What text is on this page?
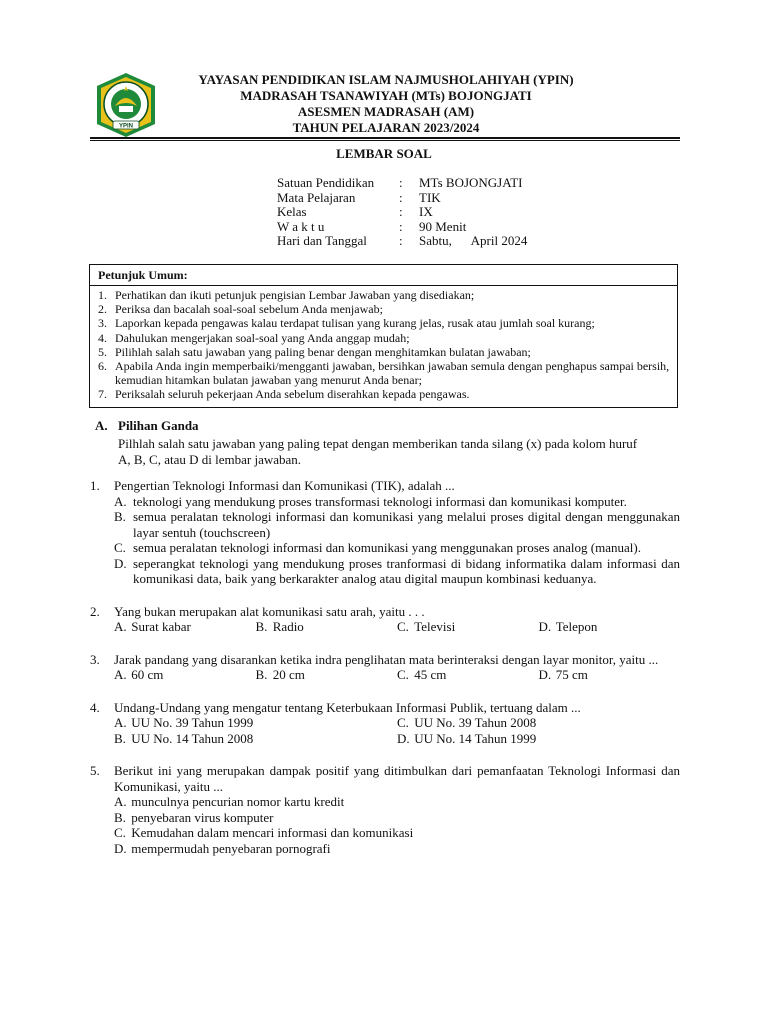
YPIN
YAYASAN PENDIDIKAN ISLAM NAJMUSHOLAHIYAH (YPIN)
MADRASAH TSANAWIYAH (MTs) BOJONGJATI
ASESMEN MADRASAH (AM)
TAHUN PELAJARAN 2023/2024
LEMBAR SOAL
Satuan Pendidikan	:	MTs BOJONGJATI
Mata Pelajaran	:	TIK
Kelas	:	IX
W a k t u	:	90 Menit
Hari dan Tanggal	:	Sabtu,      April 2024
Petunjuk Umum:
1. Perhatikan dan ikuti petunjuk pengisian Lembar Jawaban yang disediakan;
2. Periksa dan bacalah soal-soal sebelum Anda menjawab;
3. Laporkan kepada pengawas kalau terdapat tulisan yang kurang jelas, rusak atau jumlah soal kurang;
4. Dahulukan mengerjakan soal-soal yang Anda anggap mudah;
5. Pilihlah salah satu jawaban yang paling benar dengan menghitamkan bulatan jawaban;
6. Apabila Anda ingin memperbaiki/mengganti jawaban, bersihkan jawaban semula dengan penghapus sampai bersih, kemudian hitamkan bulatan jawaban yang menurut Anda benar;
7. Periksalah seluruh pekerjaan Anda sebelum diserahkan kepada pengawas.
A. Pilihan Ganda
Pilhlah salah satu jawaban yang paling tepat dengan memberikan tanda silang (x) pada kolom huruf A, B, C, atau D di lembar jawaban.
1.	Pengertian Teknologi Informasi dan Komunikasi (TIK), adalah ...
A. teknologi yang mendukung proses transformasi teknologi informasi dan komunikasi komputer.
B. semua peralatan teknologi informasi dan komunikasi yang melalui proses digital dengan menggunakan layar sentuh (touchscreen)
C. semua peralatan teknologi informasi dan komunikasi yang menggunakan proses analog (manual).
D. seperangkat teknologi yang mendukung proses tranformasi di bidang informatika dalam informasi dan komunikasi data, baik yang berkarakter analog atau digital maupun kombinasi keduanya.
2.	Yang bukan merupakan alat komunikasi satu arah, yaitu . . .
A.
Surat kabar	B.
Radio	C.
Televisi	D.
Telepon
3.	Jarak pandang yang disarankan ketika indra penglihatan mata berinteraksi dengan layar monitor, yaitu ...
A.
60 cm	B.
20 cm	C.
45 cm	D.
75 cm
4.	Undang-Undang yang mengatur tentang Keterbukaan Informasi Publik, tertuang dalam ...
A.
UU No. 39 Tahun 1999	C.
UU No. 39 Tahun 2008
B.
UU No. 14 Tahun 2008	D.
UU No. 14 Tahun 1999
5.	Berikut ini yang merupakan dampak positif yang ditimbulkan dari pemanfaatan Teknologi Informasi dan Komunikasi, yaitu ...
A.
munculnya pencurian nomor kartu kredit
B.
penyebaran virus komputer
C.
Kemudahan dalam mencari informasi dan komunikasi
D.
mempermudah penyebaran pornografi
